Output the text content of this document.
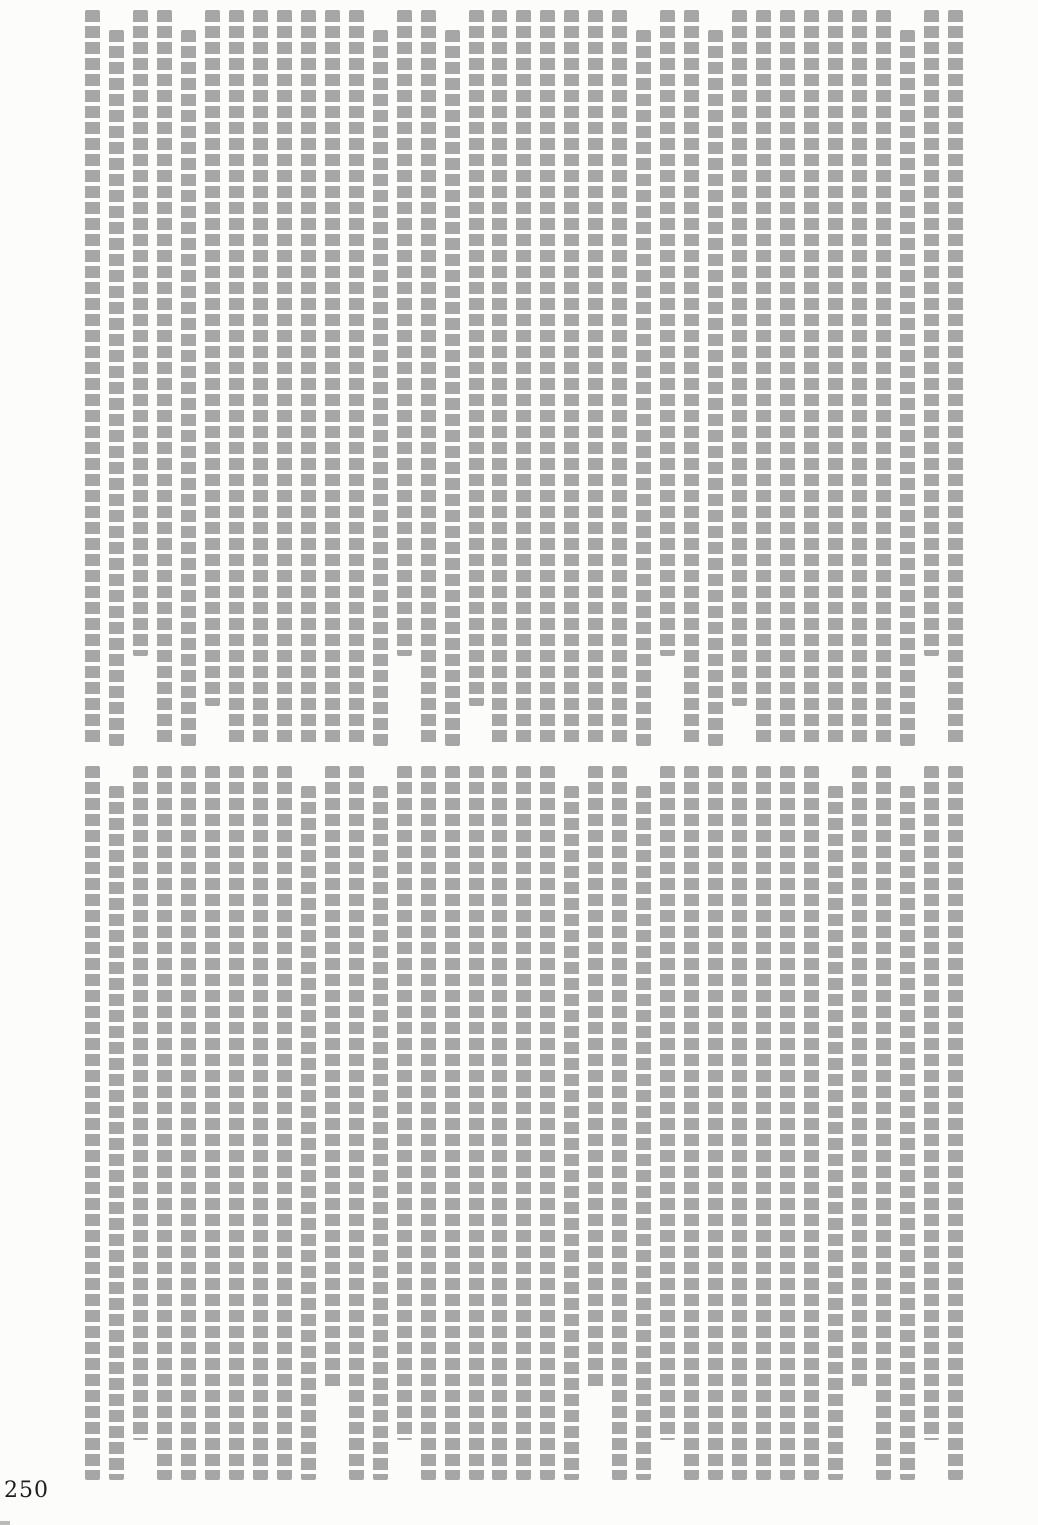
250
